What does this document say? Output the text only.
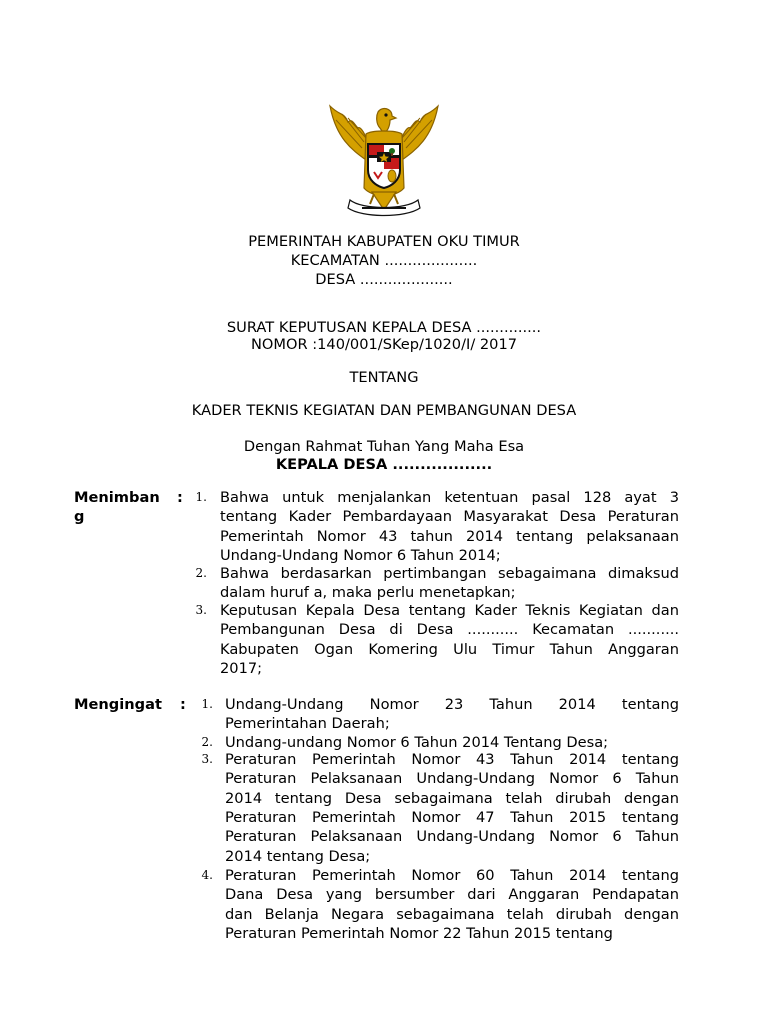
PEMERINTAH KABUPATEN OKU TIMUR
KECAMATAN ....................
DESA ....................
SURAT KEPUTUSAN KEPALA DESA ..............
NOMOR :140/001/SKep/1020/I/ 2017
TENTANG
KADER TEKNIS KEGIATAN DAN PEMBANGUNAN DESA
Dengan Rahmat Tuhan Yang Maha Esa
KEPALA DESA ..................
Menimban
g
:	1. Bahwa untuk menjalankan ketentuan pasal 128 ayat 3
tentang Kader Pembardayaan Masyarakat Desa Peraturan
Pemerintah Nomor 43 tahun 2014 tentang pelaksanaan
Undang-Undang Nomor 6 Tahun 2014;
2. Bahwa berdasarkan pertimbangan sebagaimana dimaksud
dalam huruf a, maka perlu menetapkan;
3. Keputusan Kepala Desa tentang Kader Teknis Kegiatan dan
Pembangunan Desa di Desa ........... Kecamatan ...........
Kabupaten Ogan Komering Ulu Timur Tahun Anggaran
2017;
Mengingat :	1. Undang-Undang Nomor 23 Tahun 2014 tentang
Pemerintahan Daerah;
2. Undang-undang Nomor 6 Tahun 2014 Tentang Desa;
3. Peraturan Pemerintah Nomor 43 Tahun 2014 tentang
Peraturan Pelaksanaan Undang-Undang Nomor 6 Tahun
2014 tentang Desa sebagaimana telah dirubah dengan
Peraturan Pemerintah Nomor 47 Tahun 2015 tentang
Peraturan Pelaksanaan Undang-Undang Nomor 6 Tahun
2014 tentang Desa;
4. Peraturan Pemerintah Nomor 60 Tahun 2014 tentang
Dana Desa yang bersumber dari Anggaran Pendapatan
dan Belanja Negara sebagaimana telah dirubah dengan
Peraturan Pemerintah Nomor 22 Tahun 2015 tentang
